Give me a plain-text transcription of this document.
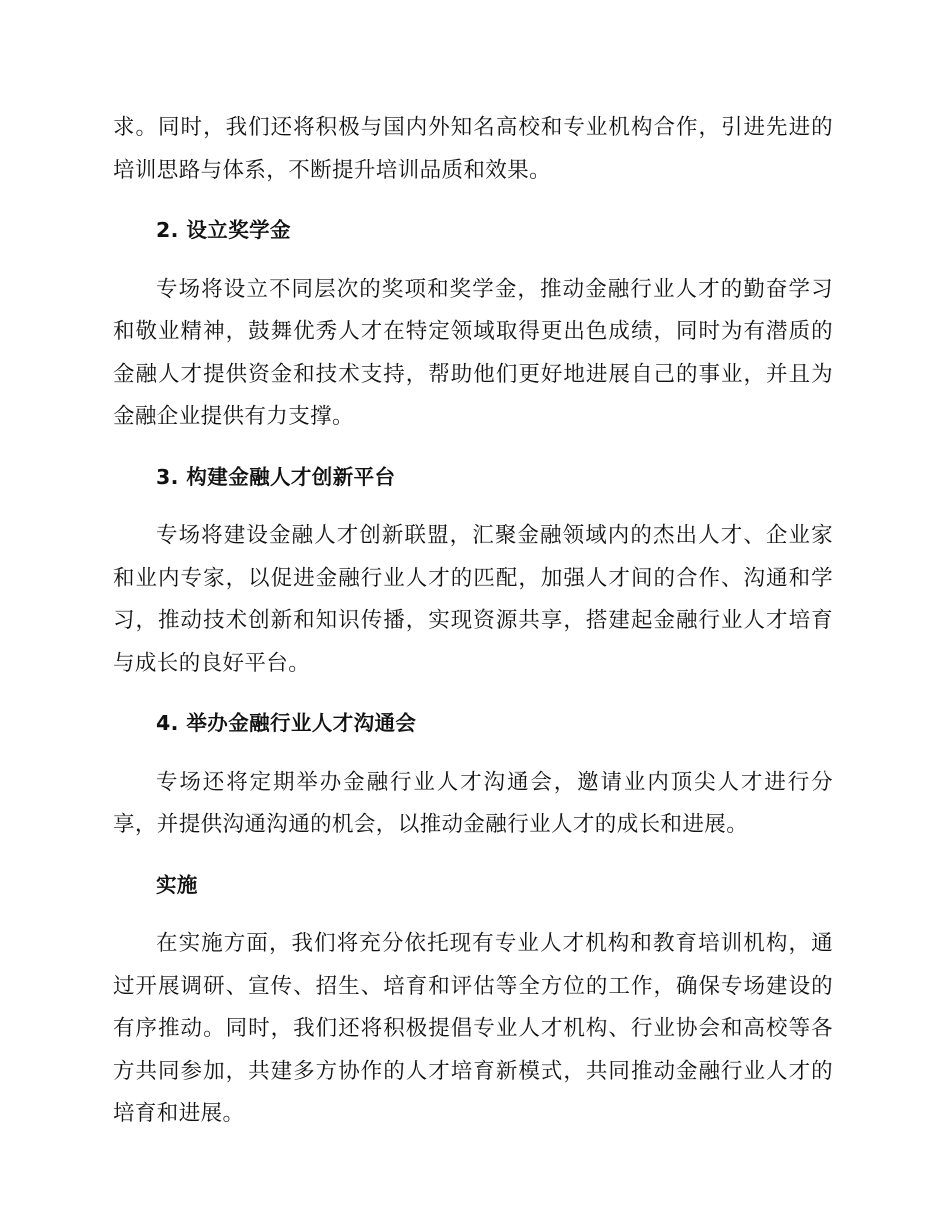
求。同时，我们还将积极与国内外知名高校和专业机构合作，引进先进的培训思路与体系，不断提升培训品质和效果。

2. 设立奖学金

专场将设立不同层次的奖项和奖学金，推动金融行业人才的勤奋学习和敬业精神，鼓舞优秀人才在特定领域取得更出色成绩，同时为有潜质的金融人才提供资金和技术支持，帮助他们更好地进展自己的事业，并且为金融企业提供有力支撑。

3. 构建金融人才创新平台

专场将建设金融人才创新联盟，汇聚金融领域内的杰出人才、企业家和业内专家，以促进金融行业人才的匹配，加强人才间的合作、沟通和学习，推动技术创新和知识传播，实现资源共享，搭建起金融行业人才培育与成长的良好平台。

4. 举办金融行业人才沟通会

专场还将定期举办金融行业人才沟通会，邀请业内顶尖人才进行分享，并提供沟通沟通的机会，以推动金融行业人才的成长和进展。

实施

在实施方面，我们将充分依托现有专业人才机构和教育培训机构，通过开展调研、宣传、招生、培育和评估等全方位的工作，确保专场建设的有序推动。同时，我们还将积极提倡专业人才机构、行业协会和高校等各方共同参加，共建多方协作的人才培育新模式，共同推动金融行业人才的培育和进展。
